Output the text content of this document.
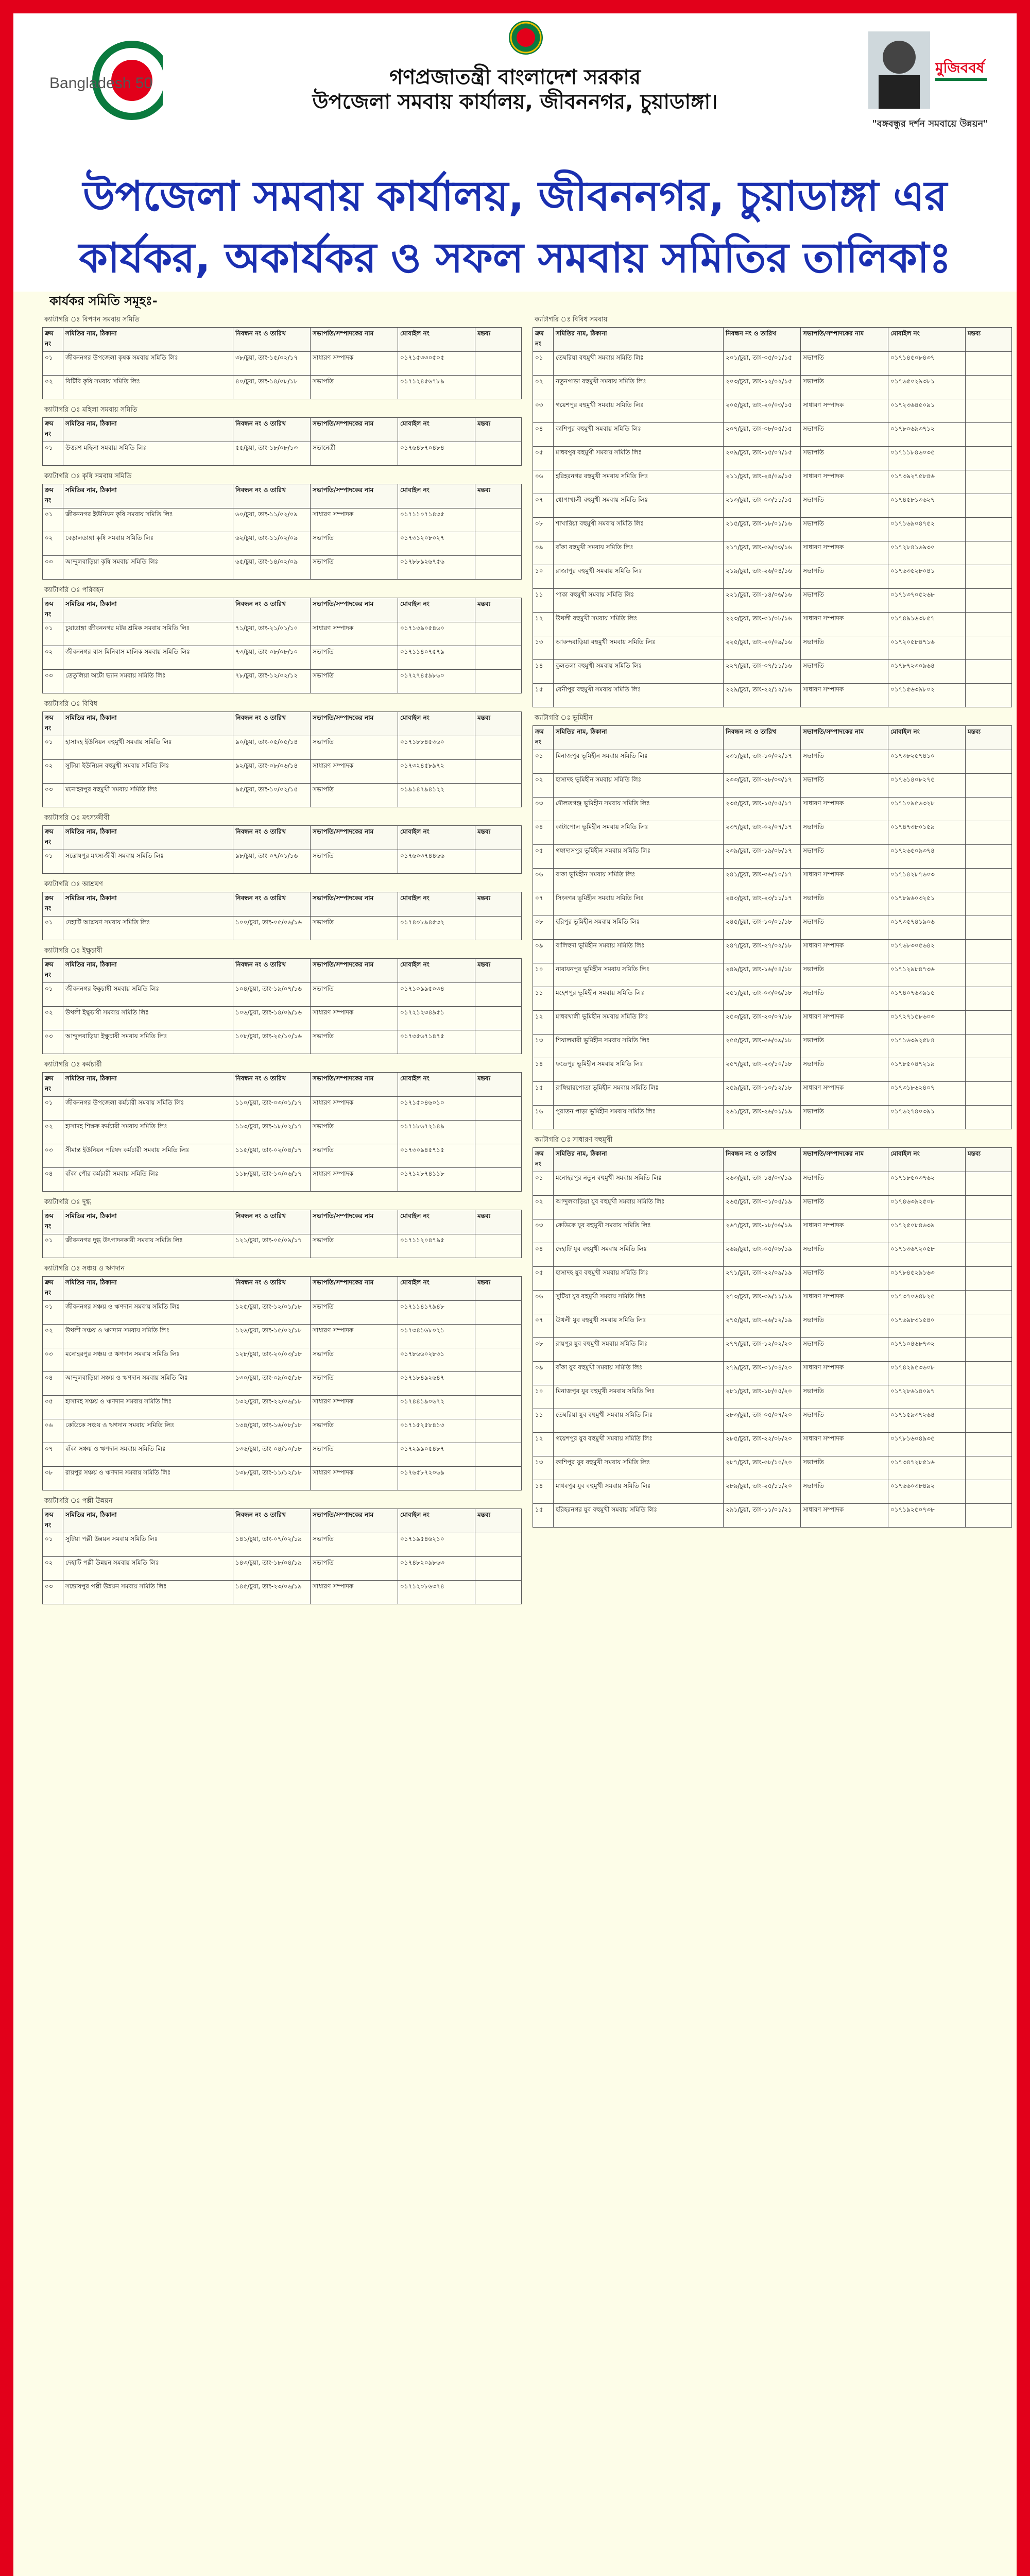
Bangladesh 50	গণপ্রজাতন্ত্রী বাংলাদেশ সরকার
উপজেলা সমবায় কার্যালয়, জীবননগর, চুয়াডাঙ্গা।
মুজিববর্ষ
"বঙ্গবন্ধুর দর্শন সমবায়ে উন্নয়ন"
উপজেলা সমবায় কার্যালয়, জীবননগর, চুয়াডাঙ্গা এর
কার্যকর, অকার্যকর ও সফল সমবায় সমিতির তালিকাঃ
কার্যকর সমিতি সমূহঃ-
ক্যাটাগরি ঃ বিপণন সমবায় সমিতি
ক্রম নং	সমিতির নাম, ঠিকানা	নিবন্ধন নং ও তারিখ	সভাপতি/সম্পাদকের নাম	মোবাইল নং	মন্তব্য
০১	জীবননগর উপজেলা কৃষক সমবায় সমিতি লিঃ	৩৮/চুয়া, তাং-১৫/০২/১৭	সাধারণ সম্পাদক	০১৭১৫৩৩০৫০৫	
০২	বিটিবি কৃষি সমবায় সমিতি লিঃ	৪০/চুয়া, তাং-১৪/০৮/১৮	সভাপতি	০১৭১২৪৫৬৭৮৯	
ক্যাটাগরি ঃ মহিলা সমবায় সমিতি
ক্রম নং	সমিতির নাম, ঠিকানা	নিবন্ধন নং ও তারিখ	সভাপতি/সম্পাদকের নাম	মোবাইল নং	মন্তব্য
০১	উত্তরণ মহিলা সমবায় সমিতি লিঃ	৫৫/চুয়া, তাং-১৮/০৮/১৩	সভানেত্রী	০১৭৬৪৮৭০৪৮৪	
ক্যাটাগরি ঃ কৃষি সমবায় সমিতি
ক্রম নং	সমিতির নাম, ঠিকানা	নিবন্ধন নং ও তারিখ	সভাপতি/সম্পাদকের নাম	মোবাইল নং	মন্তব্য
০১	জীবননগর ইউনিয়ন কৃষি সমবায় সমিতি লিঃ	৬০/চুয়া, তাং-১১/০২/০৯	সাধারণ সম্পাদক	০১৭১১০৭১৪৩৫	
০২	বেড়ালডাঙ্গা কৃষি সমবায় সমিতি লিঃ	৬২/চুয়া, তাং-১১/০২/০৯	সভাপতি	০১৭৩১২০৮০২৭	
০৩	আন্দুলবাড়িয়া কৃষি সমবায় সমিতি লিঃ	৬৫/চুয়া, তাং-১৪/০২/০৯	সভাপতি	০১৭৮৮৯২৬৭৫৬	
ক্যাটাগরি ঃ পরিবহন
ক্রম নং	সমিতির নাম, ঠিকানা	নিবন্ধন নং ও তারিখ	সভাপতি/সম্পাদকের নাম	মোবাইল নং	মন্তব্য
০১	চুয়াডাঙ্গা জীবননগর মটর শ্রমিক সমবায় সমিতি লিঃ	৭১/চুয়া, তাং-২১/০১/১০	সাধারণ সম্পাদক	০১৭১৩৯০৫৪৬০	
০২	জীবননগর বাস-মিনিবাস মালিক সমবায় সমিতি লিঃ	৭৩/চুয়া, তাং-০৮/০৮/১০	সভাপতি	০১৭১১৪০৭৫৭৯	
০৩	তেতুলিয়া অটো ভ্যান সমবায় সমিতি লিঃ	৭৮/চুয়া, তাং-১২/০২/১২	সভাপতি	০১৭২৭৪৫৯৮৬০	
ক্যাটাগরি ঃ বিবিধ
ক্রম নং	সমিতির নাম, ঠিকানা	নিবন্ধন নং ও তারিখ	সভাপতি/সম্পাদকের নাম	মোবাইল নং	মন্তব্য
০১	হাসাদহ ইউনিয়ন বহুমুখী সমবায় সমিতি লিঃ	৯০/চুয়া, তাং-০৫/০৫/১৪	সভাপতি	০১৭১৮৮৪৫৩৬০	
০২	সুটিয়া ইউনিয়ন বহুমুখী সমবায় সমিতি লিঃ	৯২/চুয়া, তাং-০৮/০৬/১৪	সাধারণ সম্পাদক	০১৭৩২৪৫৮৯৭২	
০৩	মনোহরপুর বহুমুখী সমবায় সমিতি লিঃ	৯৫/চুয়া, তাং-১০/০২/১৫	সভাপতি	০১৯১৪৭৯৪১২২	
ক্যাটাগরি ঃ মৎস্যজীবী
ক্রম নং	সমিতির নাম, ঠিকানা	নিবন্ধন নং ও তারিখ	সভাপতি/সম্পাদকের নাম	মোবাইল নং	মন্তব্য
০১	সন্তোষপুর মৎস্যজীবী সমবায় সমিতি লিঃ	৯৮/চুয়া, তাং-০৭/০১/১৬	সভাপতি	০১৭৬০৩৭৪৪৬৬	
ক্যাটাগরি ঃ আশ্রয়ণ
ক্রম নং	সমিতির নাম, ঠিকানা	নিবন্ধন নং ও তারিখ	সভাপতি/সম্পাদকের নাম	মোবাইল নং	মন্তব্য
০১	দেহাটি আশ্রয়ণ সমবায় সমিতি লিঃ	১০০/চুয়া, তাং-০৫/০৬/১৬	সভাপতি	০১৭৪০৮৯৪৫৩২	
ক্যাটাগরি ঃ ইক্ষুচাষী
ক্রম নং	সমিতির নাম, ঠিকানা	নিবন্ধন নং ও তারিখ	সভাপতি/সম্পাদকের নাম	মোবাইল নং	মন্তব্য
০১	জীবননগর ইক্ষুচাষী সমবায় সমিতি লিঃ	১০৪/চুয়া, তাং-১৯/০৭/১৬	সভাপতি	০১৭১০৯৯৫০৩৪	
০২	উথলী ইক্ষুচাষী সমবায় সমিতি লিঃ	১০৬/চুয়া, তাং-১৪/০৯/১৬	সাধারণ সম্পাদক	০১৭২১২৩৪৯৫১	
০৩	আন্দুলবাড়িয়া ইক্ষুচাষী সমবায় সমিতি লিঃ	১০৮/চুয়া, তাং-২৫/১০/১৬	সভাপতি	০১৭৩৫৬৭১৪৭৫	
ক্যাটাগরি ঃ কর্মচারী
ক্রম নং	সমিতির নাম, ঠিকানা	নিবন্ধন নং ও তারিখ	সভাপতি/সম্পাদকের নাম	মোবাইল নং	মন্তব্য
০১	জীবননগর উপজেলা কর্মচারী সমবায় সমিতি লিঃ	১১০/চুয়া, তাং-০৩/০১/১৭	সাধারণ সম্পাদক	০১৭১৫০৪৬০১০	
০২	হাসাদহ শিক্ষক কর্মচারী সমবায় সমিতি লিঃ	১১৩/চুয়া, তাং-১৮/০২/১৭	সভাপতি	০১৭১৮৬৭২১৪৯	
০৩	সীমান্ত ইউনিয়ন পরিষদ কর্মচারী সমবায় সমিতি লিঃ	১১৫/চুয়া, তাং-০২/০৪/১৭	সভাপতি	০১৭৩০৯৪৫৭১৫	
০৪	বাঁকা পৌর কর্মচারী সমবায় সমিতি লিঃ	১১৮/চুয়া, তাং-১০/০৬/১৭	সাধারণ সম্পাদক	০১৭১২৮৭৪১১৮	
ক্যাটাগরি ঃ দুগ্ধ
ক্রম নং	সমিতির নাম, ঠিকানা	নিবন্ধন নং ও তারিখ	সভাপতি/সম্পাদকের নাম	মোবাইল নং	মন্তব্য
০১	জীবননগর দুগ্ধ উৎপাদনকারী সমবায় সমিতি লিঃ	১২১/চুয়া, তাং-০৫/০৯/১৭	সভাপতি	০১৭১১২০৪৭৯৫	
ক্যাটাগরি ঃ সঞ্চয় ও ঋণদান
ক্রম নং	সমিতির নাম, ঠিকানা	নিবন্ধন নং ও তারিখ	সভাপতি/সম্পাদকের নাম	মোবাইল নং	মন্তব্য
০১	জীবননগর সঞ্চয় ও ঋণদান সমবায় সমিতি লিঃ	১২৫/চুয়া, তাং-১২/০১/১৮	সভাপতি	০১৭১১৪১৭৯৪৮	
০২	উথলী সঞ্চয় ও ঋণদান সমবায় সমিতি লিঃ	১২৬/চুয়া, তাং-১৫/০২/১৮	সাধারণ সম্পাদক	০১৭৩৪১৬৮০২১	
০৩	মনোহরপুর সঞ্চয় ও ঋণদান সমবায় সমিতি লিঃ	১২৮/চুয়া, তাং-২০/০৩/১৮	সভাপতি	০১৭৮৬৬০২৮৩১	
০৪	আন্দুলবাড়িয়া সঞ্চয় ও ঋণদান সমবায় সমিতি লিঃ	১৩০/চুয়া, তাং-০৯/০৫/১৮	সভাপতি	০১৭১৮৪৯২৬৪৭	
০৫	হাসাদহ সঞ্চয় ও ঋণদান সমবায় সমিতি লিঃ	১৩২/চুয়া, তাং-২২/০৬/১৮	সাধারণ সম্পাদক	০১৭৪৪১৯০৬৭২	
০৬	কেডিকে সঞ্চয় ও ঋণদান সমবায় সমিতি লিঃ	১৩৪/চুয়া, তাং-১৬/০৮/১৮	সভাপতি	০১৭১৫২৫৮৪১৩	
০৭	বাঁকা সঞ্চয় ও ঋণদান সমবায় সমিতি লিঃ	১৩৬/চুয়া, তাং-০৪/১০/১৮	সভাপতি	০১৭২৯৯০৫৪৮৭	
০৮	রায়পুর সঞ্চয় ও ঋণদান সমবায় সমিতি লিঃ	১৩৮/চুয়া, তাং-১১/১২/১৮	সাধারণ সম্পাদক	০১৭৬৫৮৭২০৬৯	
ক্যাটাগরি ঃ পল্লী উন্নয়ন
ক্রম নং	সমিতির নাম, ঠিকানা	নিবন্ধন নং ও তারিখ	সভাপতি/সম্পাদকের নাম	মোবাইল নং	মন্তব্য
০১	সুটিয়া পল্লী উন্নয়ন সমবায় সমিতি লিঃ	১৪১/চুয়া, তাং-০৭/০২/১৯	সভাপতি	০১৭১৯৫৪৬২১০	
০২	দেহাটি পল্লী উন্নয়ন সমবায় সমিতি লিঃ	১৪৩/চুয়া, তাং-১৮/০৪/১৯	সভাপতি	০১৭৪৮২০৯৮৬৩	
০৩	সন্তোষপুর পল্লী উন্নয়ন সমবায় সমিতি লিঃ	১৪৫/চুয়া, তাং-২৩/০৬/১৯	সাধারণ সম্পাদক	০১৭১২০৮৬৩৭৪	
ক্যাটাগরি ঃ বিবিধ সমবায়
ক্রম নং	সমিতির নাম, ঠিকানা	নিবন্ধন নং ও তারিখ	সভাপতি/সম্পাদকের নাম	মোবাইল নং	মন্তব্য
০১	তেঘরিয়া বহুমুখী সমবায় সমিতি লিঃ	২০১/চুয়া, তাং-০৫/০১/১৫	সভাপতি	০১৭১৪৫০৮৪৩৭	
০২	নতুনপাড়া বহুমুখী সমবায় সমিতি লিঃ	২০৩/চুয়া, তাং-১২/০২/১৫	সভাপতি	০১৭৬৫০২৯৩৮১	
০৩	গয়েশপুর বহুমুখী সমবায় সমিতি লিঃ	২০৫/চুয়া, তাং-২০/০৩/১৫	সাধারণ সম্পাদক	০১৭২৩৬৪৫০৯১	
০৪	কাশিপুর বহুমুখী সমবায় সমিতি লিঃ	২০৭/চুয়া, তাং-০৮/০৫/১৫	সভাপতি	০১৭৮০৬৯৩৭১২	
০৫	মাধবপুর বহুমুখী সমবায় সমিতি লিঃ	২০৯/চুয়া, তাং-১৫/০৭/১৫	সভাপতি	০১৭১১৮৪৬০৩৫	
০৬	হরিহরনগর বহুমুখী সমবায় সমিতি লিঃ	২১১/চুয়া, তাং-২৪/০৯/১৫	সাধারণ সম্পাদক	০১৭৩৯২৭৫৮৪৬	
০৭	ধোপাখালী বহুমুখী সমবায় সমিতি লিঃ	২১৩/চুয়া, তাং-০৩/১১/১৫	সভাপতি	০১৭৪৫৮১৩৬২৭	
০৮	শাখারিয়া বহুমুখী সমবায় সমিতি লিঃ	২১৫/চুয়া, তাং-১৮/০১/১৬	সভাপতি	০১৭১৬৯০৪৭৫২	
০৯	বাঁকা বহুমুখী সমবায় সমিতি লিঃ	২১৭/চুয়া, তাং-০৯/০৩/১৬	সাধারণ সম্পাদক	০১৭২৮৪১৬৯৩০	
১০	রাজাপুর বহুমুখী সমবায় সমিতি লিঃ	২১৯/চুয়া, তাং-২৬/০৪/১৬	সভাপতি	০১৭৬৩৫২৮০৪১	
১১	পাকা বহুমুখী সমবায় সমিতি লিঃ	২২১/চুয়া, তাং-১৪/০৬/১৬	সভাপতি	০১৭১৩৭০৫২৬৮	
১২	উথলী বহুমুখী সমবায় সমিতি লিঃ	২২৩/চুয়া, তাং-০১/০৮/১৬	সাধারণ সম্পাদক	০১৭৪৯১৬৩৮৫৭	
১৩	আকন্দবাড়িয়া বহুমুখী সমবায় সমিতি লিঃ	২২৫/চুয়া, তাং-২০/০৯/১৬	সভাপতি	০১৭২০৫৮৪৭১৬	
১৪	কুলতলা বহুমুখী সমবায় সমিতি লিঃ	২২৭/চুয়া, তাং-০৭/১১/১৬	সভাপতি	০১৭৮৭২৩০৯৬৪	
১৫	বেনীপুর বহুমুখী সমবায় সমিতি লিঃ	২২৯/চুয়া, তাং-২২/১২/১৬	সাধারণ সম্পাদক	০১৭১৫৬৩৯৮০২	
ক্যাটাগরি ঃ ভূমিহীন
ক্রম নং	সমিতির নাম, ঠিকানা	নিবন্ধন নং ও তারিখ	সভাপতি/সম্পাদকের নাম	মোবাইল নং	মন্তব্য
০১	মিনাজপুর ভূমিহীন সমবায় সমিতি লিঃ	২৩১/চুয়া, তাং-১০/০২/১৭	সভাপতি	০১৭৩৮২৫৭৪১০	
০২	হাসাদহ ভূমিহীন সমবায় সমিতি লিঃ	২৩৩/চুয়া, তাং-২৮/০৩/১৭	সভাপতি	০১৭৬১৪০৮২৭৫	
০৩	দৌলতগঞ্জ ভূমিহীন সমবায় সমিতি লিঃ	২৩৫/চুয়া, তাং-১৫/০৫/১৭	সাধারণ সম্পাদক	০১৭১০৯৫৬৩২৮	
০৪	কাটাপোল ভূমিহীন সমবায় সমিতি লিঃ	২৩৭/চুয়া, তাং-০২/০৭/১৭	সভাপতি	০১৭৪৭৩৮০১৫৯	
০৫	গঙ্গাদাসপুর ভূমিহীন সমবায় সমিতি লিঃ	২৩৯/চুয়া, তাং-১৯/০৮/১৭	সভাপতি	০১৭২৬৫০৯৩৭৪	
০৬	বাকা ভূমিহীন সমবায় সমিতি লিঃ	২৪১/চুয়া, তাং-০৬/১০/১৭	সাধারণ সম্পাদক	০১৭১৪২৮৭৬০৩	
০৭	সিংনগর ভূমিহীন সমবায় সমিতি লিঃ	২৪৩/চুয়া, তাং-২৩/১১/১৭	সভাপতি	০১৭৮৯৬০৩২৫১	
০৮	হরিপুর ভূমিহীন সমবায় সমিতি লিঃ	২৪৫/চুয়া, তাং-১০/০১/১৮	সভাপতি	০১৭৩৫৭৪১৯০৬	
০৯	বালিহুদা ভূমিহীন সমবায় সমিতি লিঃ	২৪৭/চুয়া, তাং-২৭/০২/১৮	সাধারণ সম্পাদক	০১৭৬৮৩০৫৬৪২	
১০	নারায়নপুর ভূমিহীন সমবায় সমিতি লিঃ	২৪৯/চুয়া, তাং-১৬/০৪/১৮	সভাপতি	০১৭১২৯৮৪৭৩৬	
১১	মহেশপুর ভূমিহীন সমবায় সমিতি লিঃ	২৫১/চুয়া, তাং-০৩/০৬/১৮	সভাপতি	০১৭৪০৭৬৩৯১৫	
১২	মাধবখালী ভূমিহীন সমবায় সমিতি লিঃ	২৫৩/চুয়া, তাং-২০/০৭/১৮	সাধারণ সম্পাদক	০১৭২৭১৫৮৬০৩	
১৩	শিয়ালমারী ভূমিহীন সমবায় সমিতি লিঃ	২৫৫/চুয়া, তাং-০৬/০৯/১৮	সভাপতি	০১৭১৬৩৯২৫৮৪	
১৪	ফতেপুর ভূমিহীন সমবায় সমিতি লিঃ	২৫৭/চুয়া, তাং-২৩/১০/১৮	সভাপতি	০১৭৮৫০৪৭২১৯	
১৫	রাঙ্গিয়ারপোতা ভূমিহীন সমবায় সমিতি লিঃ	২৫৯/চুয়া, তাং-১০/১২/১৮	সাধারণ সম্পাদক	০১৭৩১৮৬২৪০৭	
১৬	পুরাতন পাড়া ভূমিহীন সমবায় সমিতি লিঃ	২৬১/চুয়া, তাং-২৬/০১/১৯	সভাপতি	০১৭৬২৭৪০৩৯১	
ক্যাটাগরি ঃ সাধারণ বহুমুখী
ক্রম নং	সমিতির নাম, ঠিকানা	নিবন্ধন নং ও তারিখ	সভাপতি/সম্পাদকের নাম	মোবাইল নং	মন্তব্য
০১	মনোহরপুর নতুন বহুমুখী সমবায় সমিতি লিঃ	২৬৩/চুয়া, তাং-১৪/০৩/১৯	সভাপতি	০১৭১৮৫০৩৭৬২	
০২	আন্দুলবাড়িয়া যুব বহুমুখী সমবায় সমিতি লিঃ	২৬৫/চুয়া, তাং-০১/০৫/১৯	সভাপতি	০১৭৪৬৩৯২৫০৮	
০৩	কেডিকে যুব বহুমুখী সমবায় সমিতি লিঃ	২৬৭/চুয়া, তাং-১৮/০৬/১৯	সাধারণ সম্পাদক	০১৭২৫০৮৪৬৩৯	
০৪	দেহাটি যুব বহুমুখী সমবায় সমিতি লিঃ	২৬৯/চুয়া, তাং-০৫/০৮/১৯	সভাপতি	০১৭১৩৬৭২০৫৮	
০৫	হাসাদহ যুব বহুমুখী সমবায় সমিতি লিঃ	২৭১/চুয়া, তাং-২২/০৯/১৯	সভাপতি	০১৭৮৪৫২৯১৬৩	
০৬	সুটিয়া যুব বহুমুখী সমবায় সমিতি লিঃ	২৭৩/চুয়া, তাং-০৯/১১/১৯	সাধারণ সম্পাদক	০১৭৩৭০৬৪৮২৫	
০৭	উথলী যুব বহুমুখী সমবায় সমিতি লিঃ	২৭৫/চুয়া, তাং-২৬/১২/১৯	সভাপতি	০১৭৬৯৮৩১৫৪০	
০৮	রায়পুর যুব বহুমুখী সমবায় সমিতি লিঃ	২৭৭/চুয়া, তাং-১২/০২/২০	সভাপতি	০১৭১০৪৬৮৭৩২	
০৯	বাঁকা যুব বহুমুখী সমবায় সমিতি লিঃ	২৭৯/চুয়া, তাং-০১/০৪/২০	সাধারণ সম্পাদক	০১৭৪২৯৫৩৬০৮	
১০	মিনাজপুর যুব বহুমুখী সমবায় সমিতি লিঃ	২৮১/চুয়া, তাং-১৮/০৫/২০	সভাপতি	০১৭২৮৬১৪০৯৭	
১১	তেঘরিয়া যুব বহুমুখী সমবায় সমিতি লিঃ	২৮৩/চুয়া, তাং-০৫/০৭/২০	সভাপতি	০১৭১৫৯৩৭২৬৪	
১২	গয়েশপুর যুব বহুমুখী সমবায় সমিতি লিঃ	২৮৫/চুয়া, তাং-২২/০৮/২০	সাধারণ সম্পাদক	০১৭৮১৬০৪৯৩৫	
১৩	কাশিপুর যুব বহুমুখী সমবায় সমিতি লিঃ	২৮৭/চুয়া, তাং-০৮/১০/২০	সভাপতি	০১৭৩৪৭২৮৫১৬	
১৪	মাধবপুর যুব বহুমুখী সমবায় সমিতি লিঃ	২৮৯/চুয়া, তাং-২৫/১১/২০	সভাপতি	০১৭৬৬০৩৮৪৯২	
১৫	হরিহরনগর যুব বহুমুখী সমবায় সমিতি লিঃ	২৯১/চুয়া, তাং-১১/০১/২১	সাধারণ সম্পাদক	০১৭১৯২৫০৭৩৮	
